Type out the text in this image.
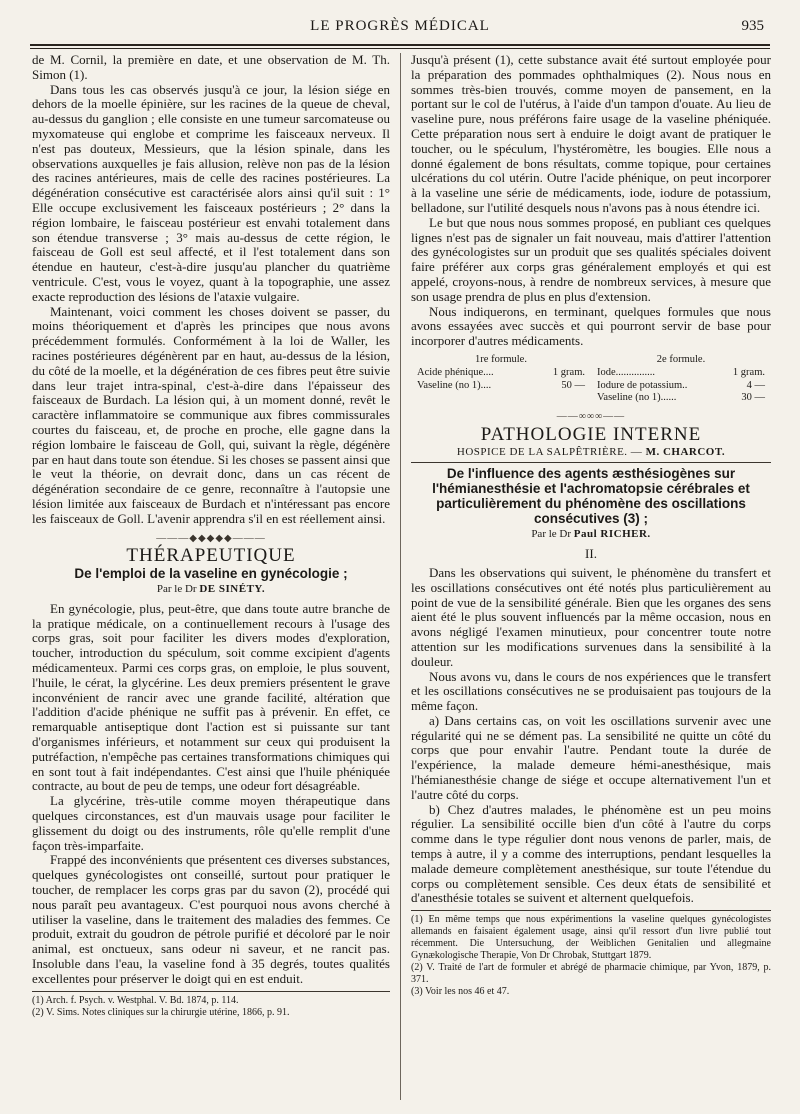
LE PROGRÈS MÉDICAL	935

de M. Cornil, la première en date, et une observation de M. Th. Simon (1).

Dans tous les cas observés jusqu'à ce jour, la lésion siége en dehors de la moelle épinière, sur les racines de la queue de cheval, au-dessus du ganglion ; elle consiste en une tumeur sarcomateuse ou myxomateuse qui englobe et comprime les faisceaux nerveux. Il n'est pas douteux, Messieurs, que la lésion spinale, dans les observations auxquelles je fais allusion, relève non pas de la lésion des racines antérieures, mais de celle des racines postérieures. La dégénération consécutive est caractérisée alors ainsi qu'il suit : 1° Elle occupe exclusivement les faisceaux postérieurs ; 2° dans la région lombaire, le faisceau postérieur est envahi totalement dans son étendue transverse ; 3° mais au-dessus de cette région, le faisceau de Goll est seul affecté, et il l'est totalement dans son étendue en hauteur, c'est-à-dire jusqu'au plancher du quatrième ventricule. C'est, vous le voyez, quant à la topographie, une assez exacte reproduction des lésions de l'ataxie vulgaire.

Maintenant, voici comment les choses doivent se passer, du moins théoriquement et d'après les principes que nous avons précédemment formulés. Conformément à la loi de Waller, les racines postérieures dégénèrent par en haut, au-dessus de la lésion, du côté de la moelle, et la dégénération de ces fibres peut être suivie dans leur trajet intra-spinal, c'est-à-dire dans l'épaisseur des faisceaux de Burdach. La lésion qui, à un moment donné, revêt le caractère inflammatoire se communique aux fibres commissurales courtes du faisceau, et, de proche en proche, elle gagne dans la région lombaire le faisceau de Goll, qui, suivant la règle, dégénère par en haut dans toute son étendue. Si les choses se passent ainsi que le veut la théorie, on devrait donc, dans un cas récent de dégénération secondaire de ce genre, reconnaître à l'autopsie une lésion limitée aux faisceaux de Burdach et n'intéressant pas encore les faisceaux de Goll. L'avenir apprendra s'il en est réellement ainsi.

———◆◆◆◆◆———
THÉRAPEUTIQUE
De l'emploi de la vaseline en gynécologie ;
Par le Dr DE SINÉTY.

En gynécologie, plus, peut-être, que dans toute autre branche de la pratique médicale, on a continuellement recours à l'usage des corps gras, soit pour faciliter les divers modes d'exploration, toucher, introduction du spéculum, soit comme excipient d'agents médicamenteux. Parmi ces corps gras, on emploie, le plus souvent, l'huile, le cérat, la glycérine. Les deux premiers présentent le grave inconvénient de rancir avec une grande facilité, altération que l'addition d'acide phénique ne suffit pas à prévenir. En effet, ce remarquable antiseptique dont l'action est si puissante sur tant d'organismes inférieurs, et notamment sur ceux qui produisent la putréfaction, n'empêche pas certaines transformations chimiques qui en sont tout à fait indépendantes. C'est ainsi que l'huile phéniquée contracte, au bout de peu de temps, une odeur fort désagréable.

La glycérine, très-utile comme moyen thérapeutique dans quelques circonstances, est d'un mauvais usage pour faciliter le glissement du doigt ou des instruments, rôle qu'elle remplit d'une façon très-imparfaite.

Frappé des inconvénients que présentent ces diverses substances, quelques gynécologistes ont conseillé, surtout pour pratiquer le toucher, de remplacer les corps gras par du savon (2), procédé qui nous paraît peu avantageux. C'est pourquoi nous avons cherché à utiliser la vaseline, dans le traitement des maladies des femmes. Ce produit, extrait du goudron de pétrole purifié et décoloré par le noir animal, est onctueux, sans odeur ni saveur, et ne rancit pas. Insoluble dans l'eau, la vaseline fond à 35 degrés, toutes qualités excellentes pour préserver le doigt qui en est enduit.

(1) Arch. f. Psych. v. Westphal. V. Bd. 1874, p. 114.
(2) V. Sims. Notes cliniques sur la chirurgie utérine, 1866, p. 91.

Jusqu'à présent (1), cette substance avait été surtout employée pour la préparation des pommades ophthalmiques (2). Nous nous en sommes très-bien trouvés, comme moyen de pansement, en la portant sur le col de l'utérus, à l'aide d'un tampon d'ouate. Au lieu de vaseline pure, nous préférons faire usage de la vaseline phéniquée. Cette préparation nous sert à enduire le doigt avant de pratiquer le toucher, ou le spéculum, l'hystéromètre, les bougies. Elle nous a donné également de bons résultats, comme topique, pour certaines ulcérations du col utérin. Outre l'acide phénique, on peut incorporer à la vaseline une série de médicaments, iode, iodure de potassium, belladone, sur l'utilité desquels nous n'avons pas à nous étendre ici.

Le but que nous nous sommes proposé, en publiant ces quelques lignes n'est pas de signaler un fait nouveau, mais d'attirer l'attention des gynécologistes sur un produit que ses qualités spéciales doivent faire préférer aux corps gras généralement employés et qui est appelé, croyons-nous, à rendre de nombreux services, à mesure que son usage prendra de plus en plus d'extension.

Nous indiquerons, en terminant, quelques formules que nous avons essayées avec succès et qui pourront servir de base pour incorporer d'autres médicaments.

1re formule.
Acide phénique....	1 gram.
Vaseline (no 1)....	50 —
2e formule.
Iode...............	1 gram.
Iodure de potassium..	4 —
Vaseline (no 1)......	30 —
——∞∞∞——
PATHOLOGIE INTERNE
HOSPICE DE LA SALPÊTRIÈRE. — M. CHARCOT.
De l'influence des agents æsthésiogènes sur l'hémianesthésie et l'achromatopsie cérébrales et particulièrement du phénomène des oscillations consécutives (3) ;
Par le Dr Paul RICHER.
II.

Dans les observations qui suivent, le phénomène du transfert et les oscillations consécutives ont été notés plus particulièrement au point de vue de la sensibilité générale. Bien que les organes des sens aient été le plus souvent influencés par la même occasion, nous en avons négligé l'examen minutieux, pour concentrer toute notre attention sur les modifications survenues dans la sensibilité à la douleur.

Nous avons vu, dans le cours de nos expériences que le transfert et les oscillations consécutives ne se produisaient pas toujours de la même façon.

a) Dans certains cas, on voit les oscillations survenir avec une régularité qui ne se dément pas. La sensibilité ne quitte un côté du corps que pour envahir l'autre. Pendant toute la durée de l'expérience, la malade demeure hémi-anesthésique, mais l'hémianesthésie change de siége et occupe alternativement l'un et l'autre côté du corps.

b) Chez d'autres malades, le phénomène est un peu moins régulier. La sensibilité occille bien d'un côté à l'autre du corps comme dans le type régulier dont nous venons de parler, mais, de temps à autre, il y a comme des interruptions, pendant lesquelles la malade demeure complètement anesthésique, sur toute l'étendue du corps ou complètement sensible. Ces deux états de sensibilité et d'anesthésie totales se suivent et alternent quelquefois.

(1) En même temps que nous expérimentions la vaseline quelques gynécologistes allemands en faisaient également usage, ainsi qu'il ressort d'un livre publié tout récemment. Die Untersuchung, der Weiblichen Genitalien und allegmaine Gynækologische Therapie, Von Dr Chrobak, Stuttgart 1879.
(2) V. Traité de l'art de formuler et abrégé de pharmacie chimique, par Yvon, 1879, p. 371.
(3) Voir les nos 46 et 47.
